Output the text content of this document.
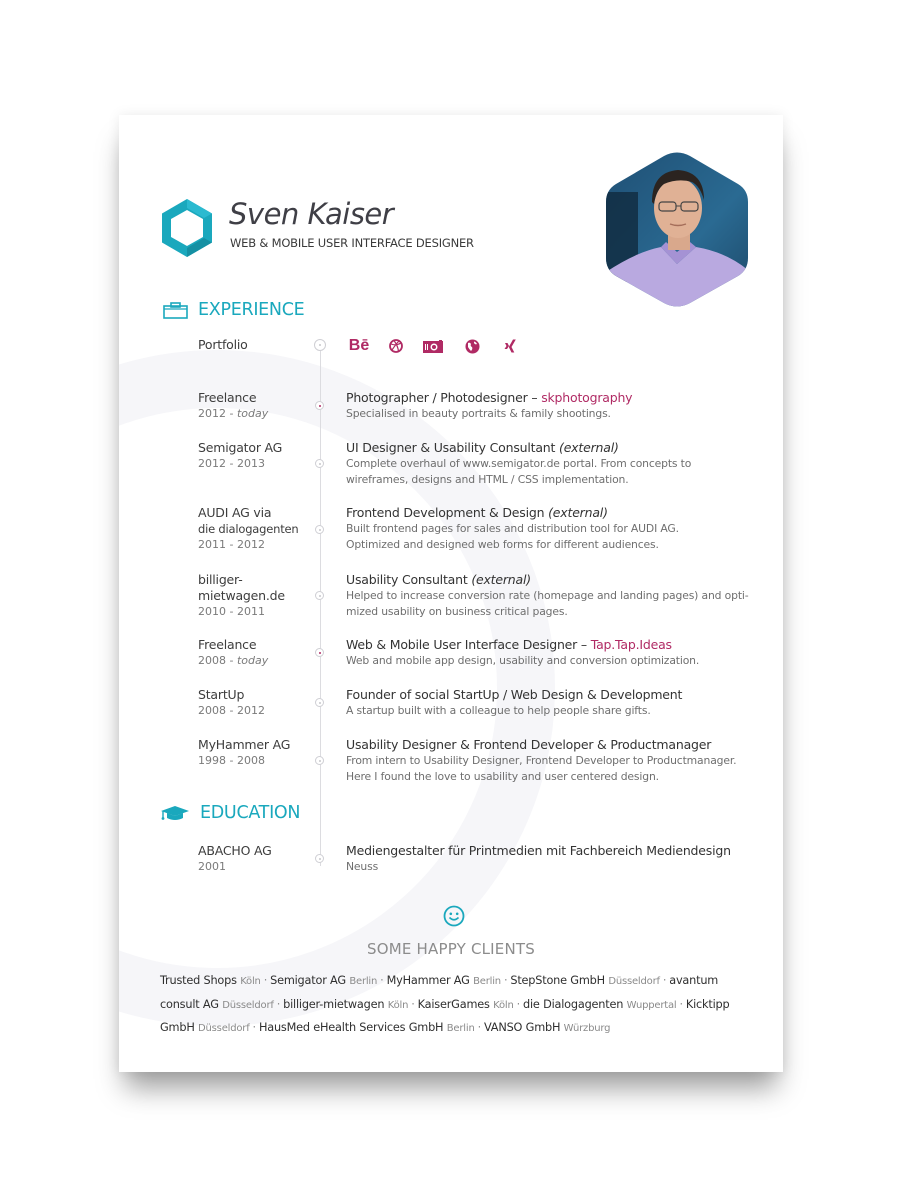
Sven Kaiser
WEB & MOBILE USER INTERFACE DESIGNER
EXPERIENCE
Portfolio	Bē
Freelance
2012 - today
Photographer / Photodesigner – skphotography
Specialised in beauty portraits & family shootings.
Semigator AG
2012 - 2013
UI Designer & Usability Consultant (external)
Complete overhaul of www.semigator.de portal. From concepts to wireframes, designs and HTML / CSS implementation.
AUDI AG via
die dialogagenten
2011 - 2012
Frontend Development & Design (external)
Built frontend pages for sales and distribution tool for AUDI AG.
Optimized and designed web forms for different audiences.
billiger-
mietwagen.de
2010 - 2011
Usability Consultant (external)
Helped to increase conversion rate (homepage and landing pages) and opti-
mized usability on business critical pages.
Freelance
2008 - today
Web & Mobile User Interface Designer – Tap.Tap.Ideas
Web and mobile app design, usability and conversion optimization.
StartUp
2008 - 2012
Founder of social StartUp / Web Design & Development
A startup built with a colleague to help people share gifts.
MyHammer AG
1998 - 2008
Usability Designer & Frontend Developer & Productmanager
From intern to Usability Designer, Frontend Developer to Productmanager.
Here I found the love to usability and user centered design.
EDUCATION
ABACHO AG
2001
Mediengestalter für Printmedien mit Fachbereich Mediendesign
Neuss
SOME HAPPY CLIENTS
Trusted Shops Köln · Semigator AG Berlin · MyHammer AG Berlin · StepStone GmbH Düsseldorf · avantum consult AG Düsseldorf · billiger-mietwagen Köln · KaiserGames Köln · die Dialogagenten Wuppertal · Kicktipp GmbH Düsseldorf · HausMed eHealth Services GmbH Berlin · VANSO GmbH Würzburg
